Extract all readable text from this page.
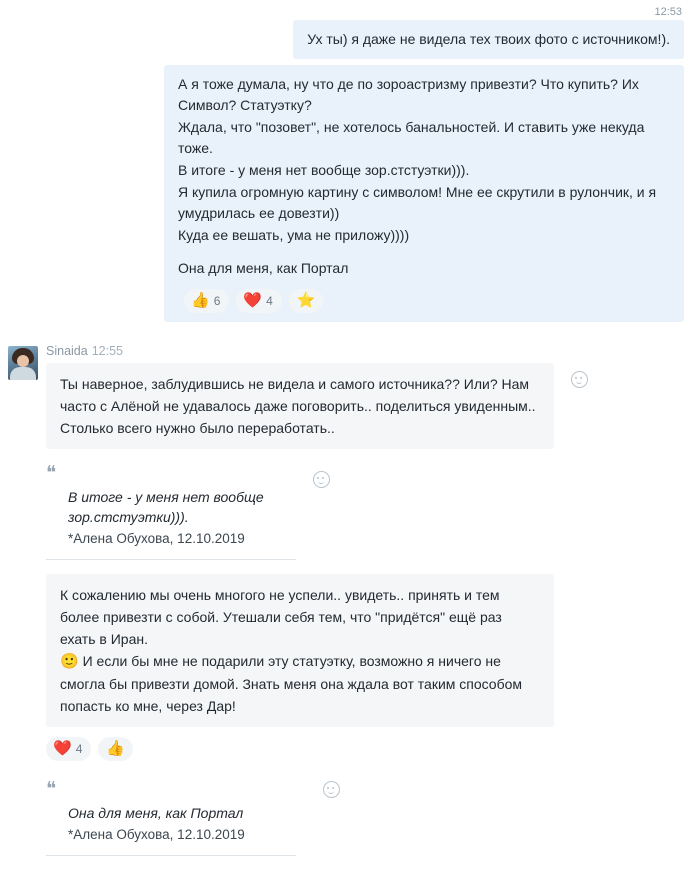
12:53

Ух ты) я даже не видела тех твоих фото с источником!).

А я тоже думала, ну что де по зороастризму привезти? Что купить? Их Символ? Статуэтку?

Ждала, что "позовет", не хотелось банальностей. И ставить уже некуда тоже.

В итоге - у меня нет вообще зор.стстуэтки))).

Я купила огромную картину с символом! Мне ее скрутили в рулончик, и я умудрилась ее довезти))

Куда ее вешать, ума не приложу))))

Она для меня, как Портал

👍 6 ❤️ 4 ⭐
Sinaida 12:55

Ты наверное, заблудившись не видела и самого источника?? Или? Нам часто с Алёной не удавалось даже поговорить.. поделиться увиденным.. Столько всего нужно было переработать..

❝
В итоге - у меня нет вообще зор.стстуэтки))).
*Алена Обухова, 12.10.2019

К сожалению мы очень многого не успели.. увидеть.. принять и тем более привезти с собой. Утешали себя тем, что "придётся" ещё раз ехать в Иран.

🙂 И если бы мне не подарили эту статуэтку, возможно я ничего не смогла бы привезти домой. Знать меня она ждала вот таким способом попасть ко мне, через Дар!

❤️ 4 👍
❝
Она для меня, как Портал
*Алена Обухова, 12.10.2019
